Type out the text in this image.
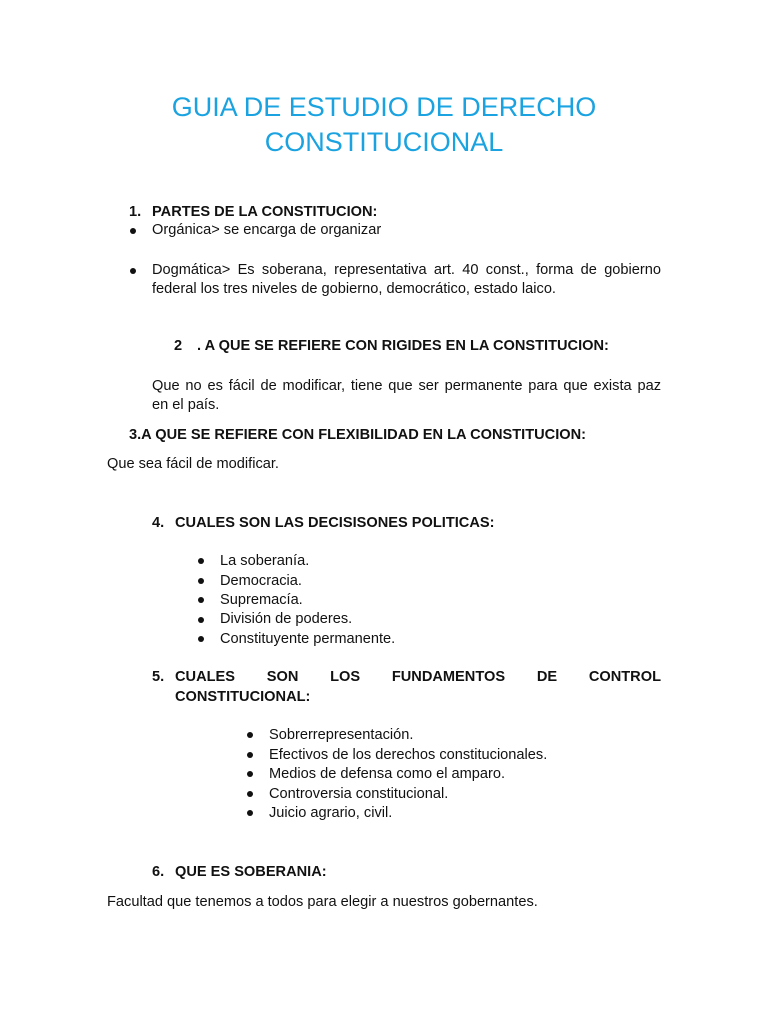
GUIA DE ESTUDIO DE DERECHO
CONSTITUCIONAL
1. PARTES DE LA CONSTITUCION:
Orgánica> se encarga de organizar
Dogmática> Es soberana, representativa art. 40 const., forma de gobierno
federal los tres niveles de gobierno, democrático, estado laico.
2 . A QUE SE REFIERE CON RIGIDES EN LA CONSTITUCION:
Que no es fácil de modificar, tiene que ser permanente para que exista paz
en el país.
3.A QUE SE REFIERE CON FLEXIBILIDAD EN LA CONSTITUCION:
Que sea fácil de modificar.
4. CUALES SON LAS DECISISONES POLITICAS:
La soberanía.
Democracia.
Supremacía.
División de poderes.
Constituyente permanente.
5. CUALES SON LOS FUNDAMENTOS DE CONTROL
CONSTITUCIONAL:
Sobrerrepresentación.
Efectivos de los derechos constitucionales.
Medios de defensa como el amparo.
Controversia constitucional.
Juicio agrario, civil.
6. QUE ES SOBERANIA:
Facultad que tenemos a todos para elegir a nuestros gobernantes.
